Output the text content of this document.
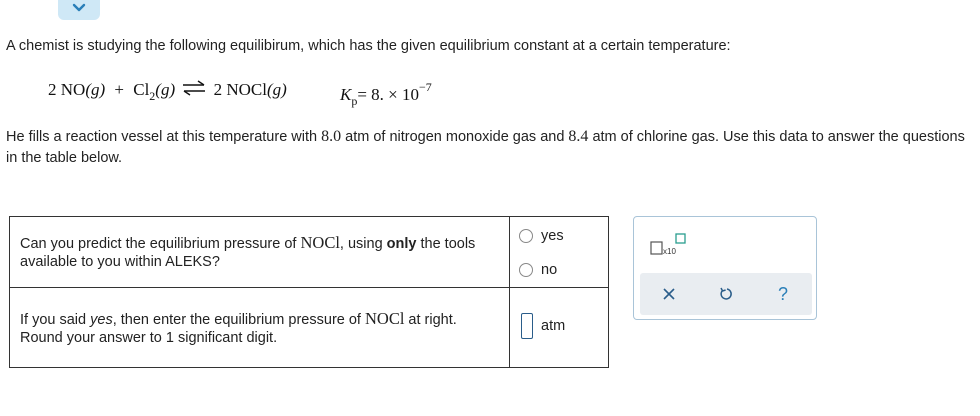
A chemist is studying the following equilibirum, which has the given equilibrium constant at a certain temperature:
2 $NO(g) + Cl_2(g)$ ⇌ 2 NOCl(g)	$K_p= 8$. × $10^{-7}$
He fills a reaction vessel at this temperature with 8.0 atm of nitrogen monoxide gas and 8.4 atm of chlorine gas. Use this data to answer the questions in the table below.
Can you predict the equilibrium pressure of NOCl, using only the tools available to you within ALEKS?
yes
no
If you said yes, then enter the equilibrium pressure of NOCl at right. Round your answer to 1 significant digit.
atm
x10
?
